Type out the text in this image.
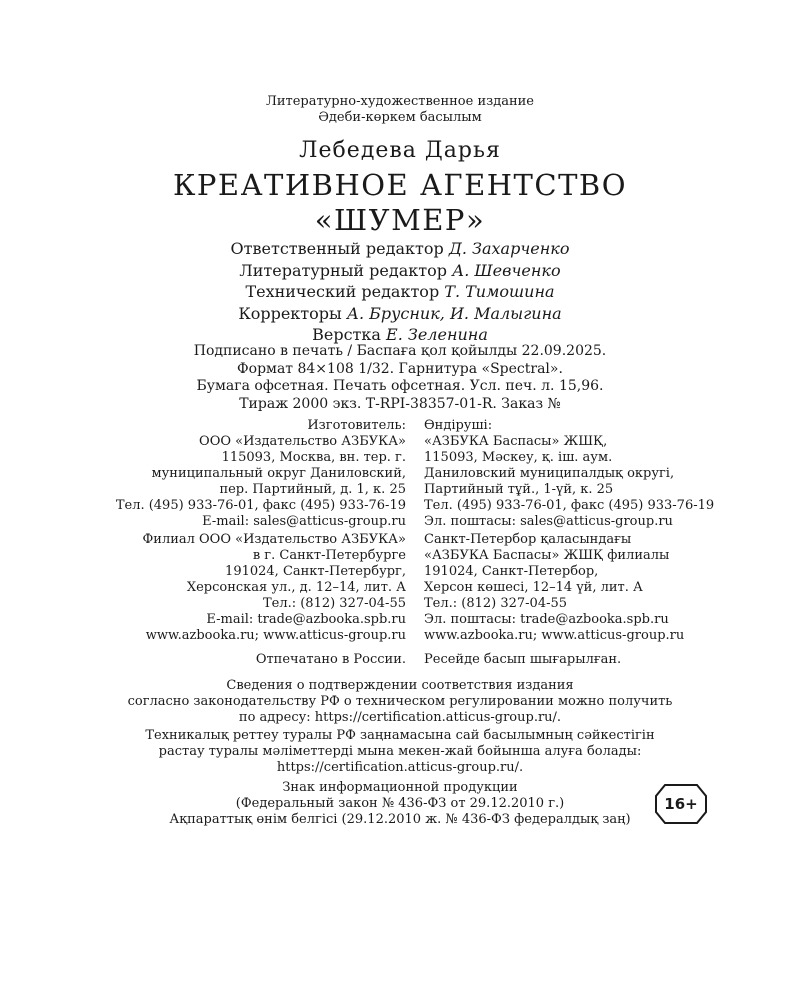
Литературно-художественное издание
Әдеби-көркем басылым
Лебедева Дарья
КРЕАТИВНОЕ АГЕНТСТВО
«ШУМЕР»
Ответственный редактор Д. Захарченко
Литературный редактор А. Шевченко
Технический редактор Т. Тимошина
Корректоры А. Брусник, И. Малыгина
Верстка Е. Зеленина
Подписано в печать / Баспаға қол қойылды 22.09.2025.
Формат 84×108 1/32. Гарнитура «Spectral».
Бумага офсетная. Печать офсетная. Усл. печ. л. 15,96.
Тираж 2000 экз. Т-RPI-38357-01-R. Заказ №
Изготовитель:
ООО «Издательство АЗБУКА»
115093, Москва, вн. тер. г.
муниципальный округ Даниловский,
пер. Партийный, д. 1, к. 25
Тел. (495) 933-76-01, факс (495) 933-76-19
E-mail: sales@atticus-group.ru
Өндіруші:
«АЗБУКА Баспасы» ЖШҚ,
115093, Мәскеу, қ. іш. аум.
Даниловский муниципалдық округі,
Партийный тұй., 1-үй, к. 25
Тел. (495) 933-76-01, факс (495) 933-76-19
Эл. поштасы: sales@atticus-group.ru
Филиал ООО «Издательство АЗБУКА»
в г. Санкт-Петербурге
191024, Санкт-Петербург,
Херсонская ул., д. 12–14, лит. А
Тел.: (812) 327-04-55
E-mail: trade@azbooka.spb.ru
Санкт-Петербор қаласындағы
«АЗБУКА Баспасы» ЖШҚ филиалы
191024, Санкт-Петербор,
Херсон көшесі, 12–14 үй, лит. А
Тел.: (812) 327-04-55
Эл. поштасы: trade@azbooka.spb.ru
www.azbooka.ru; www.atticus-group.ru www.azbooka.ru; www.atticus-group.ru
Отпечатано в России. Ресейде басып шығарылған.
Сведения о подтверждении соответствия издания
согласно законодательству РФ о техническом регулировании можно получить
по адресу: https://certification.atticus-group.ru/.
Техникалық реттеу туралы РФ заңнамасына сай басылымның сәйкестігін
растау туралы мәліметтерді мына мекен-жай бойынша алуға болады:
https://certification.atticus-group.ru/.
Знак информационной продукции
(Федеральный закон № 436-ФЗ от 29.12.2010 г.)
Ақпараттық өнім белгісі (29.12.2010 ж. № 436-ФЗ федералдық заң)
16+
